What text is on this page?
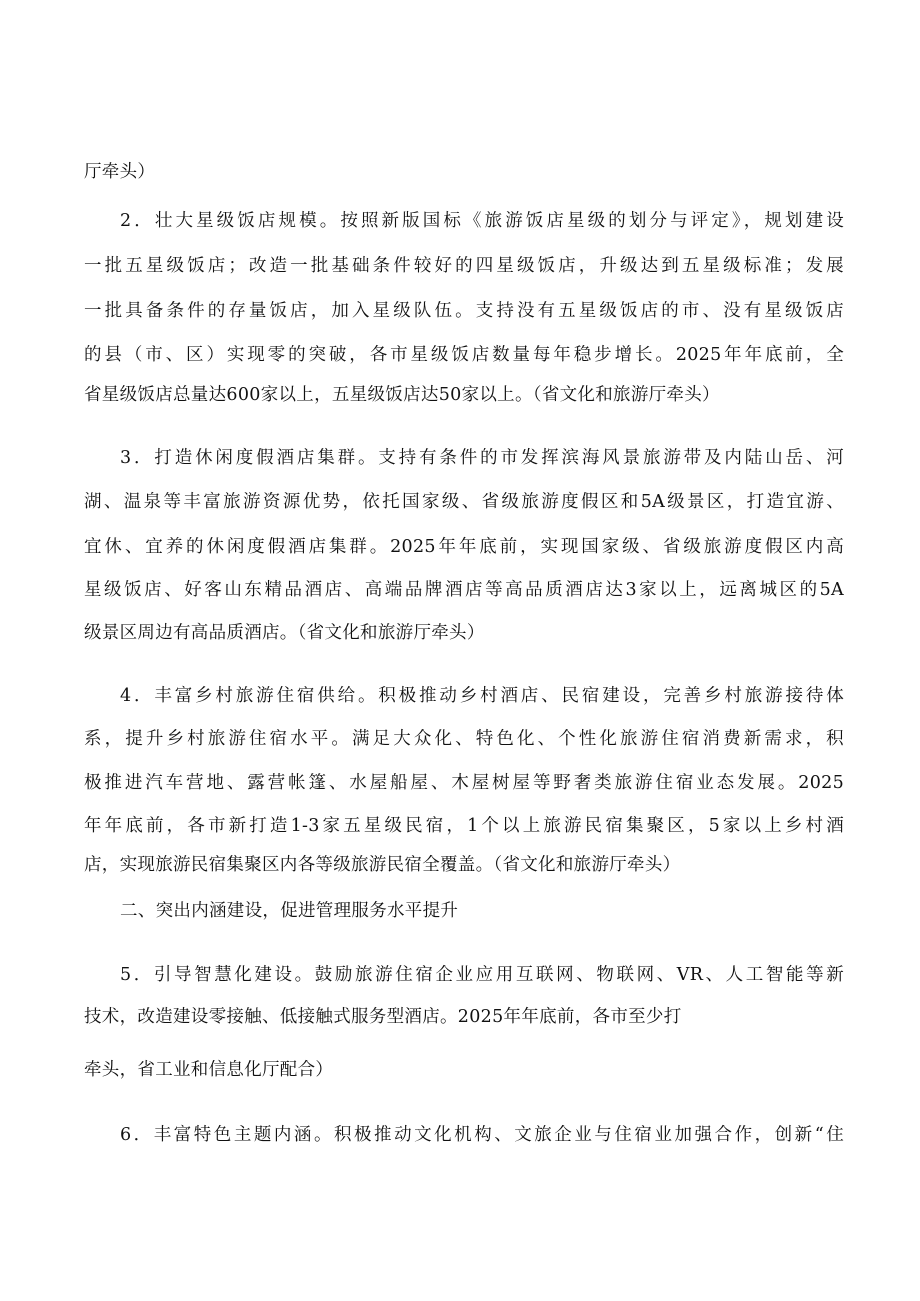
厅牵头）
2．壮大星级饭店规模。按照新版国标《旅游饭店星级的划分与评定》，规划建设
一批五星级饭店；改造一批基础条件较好的四星级饭店，升级达到五星级标准；发展
一批具备条件的存量饭店，加入星级队伍。支持没有五星级饭店的市、没有星级饭店
的县（市、区）实现零的突破，各市星级饭店数量每年稳步增长。2025年年底前，全
省星级饭店总量达600家以上，五星级饭店达50家以上。（省文化和旅游厅牵头）
3．打造休闲度假酒店集群。支持有条件的市发挥滨海风景旅游带及内陆山岳、河
湖、温泉等丰富旅游资源优势，依托国家级、省级旅游度假区和5A级景区，打造宜游、
宜休、宜养的休闲度假酒店集群。2025年年底前，实现国家级、省级旅游度假区内高
星级饭店、好客山东精品酒店、高端品牌酒店等高品质酒店达3家以上，远离城区的5A
级景区周边有高品质酒店。（省文化和旅游厅牵头）
4．丰富乡村旅游住宿供给。积极推动乡村酒店、民宿建设，完善乡村旅游接待体
系，提升乡村旅游住宿水平。满足大众化、特色化、个性化旅游住宿消费新需求，积
极推进汽车营地、露营帐篷、水屋船屋、木屋树屋等野奢类旅游住宿业态发展。2025
年年底前，各市新打造1-3家五星级民宿，1个以上旅游民宿集聚区，5家以上乡村酒
店，实现旅游民宿集聚区内各等级旅游民宿全覆盖。（省文化和旅游厅牵头）
二、突出内涵建设，促进管理服务水平提升
5．引导智慧化建设。鼓励旅游住宿企业应用互联网、物联网、VR、人工智能等新
技术，改造建设零接触、低接触式服务型酒店。2025年年底前，各市至少打
牵头，省工业和信息化厅配合）
6．丰富特色主题内涵。积极推动文化机构、文旅企业与住宿业加强合作，创新“住
